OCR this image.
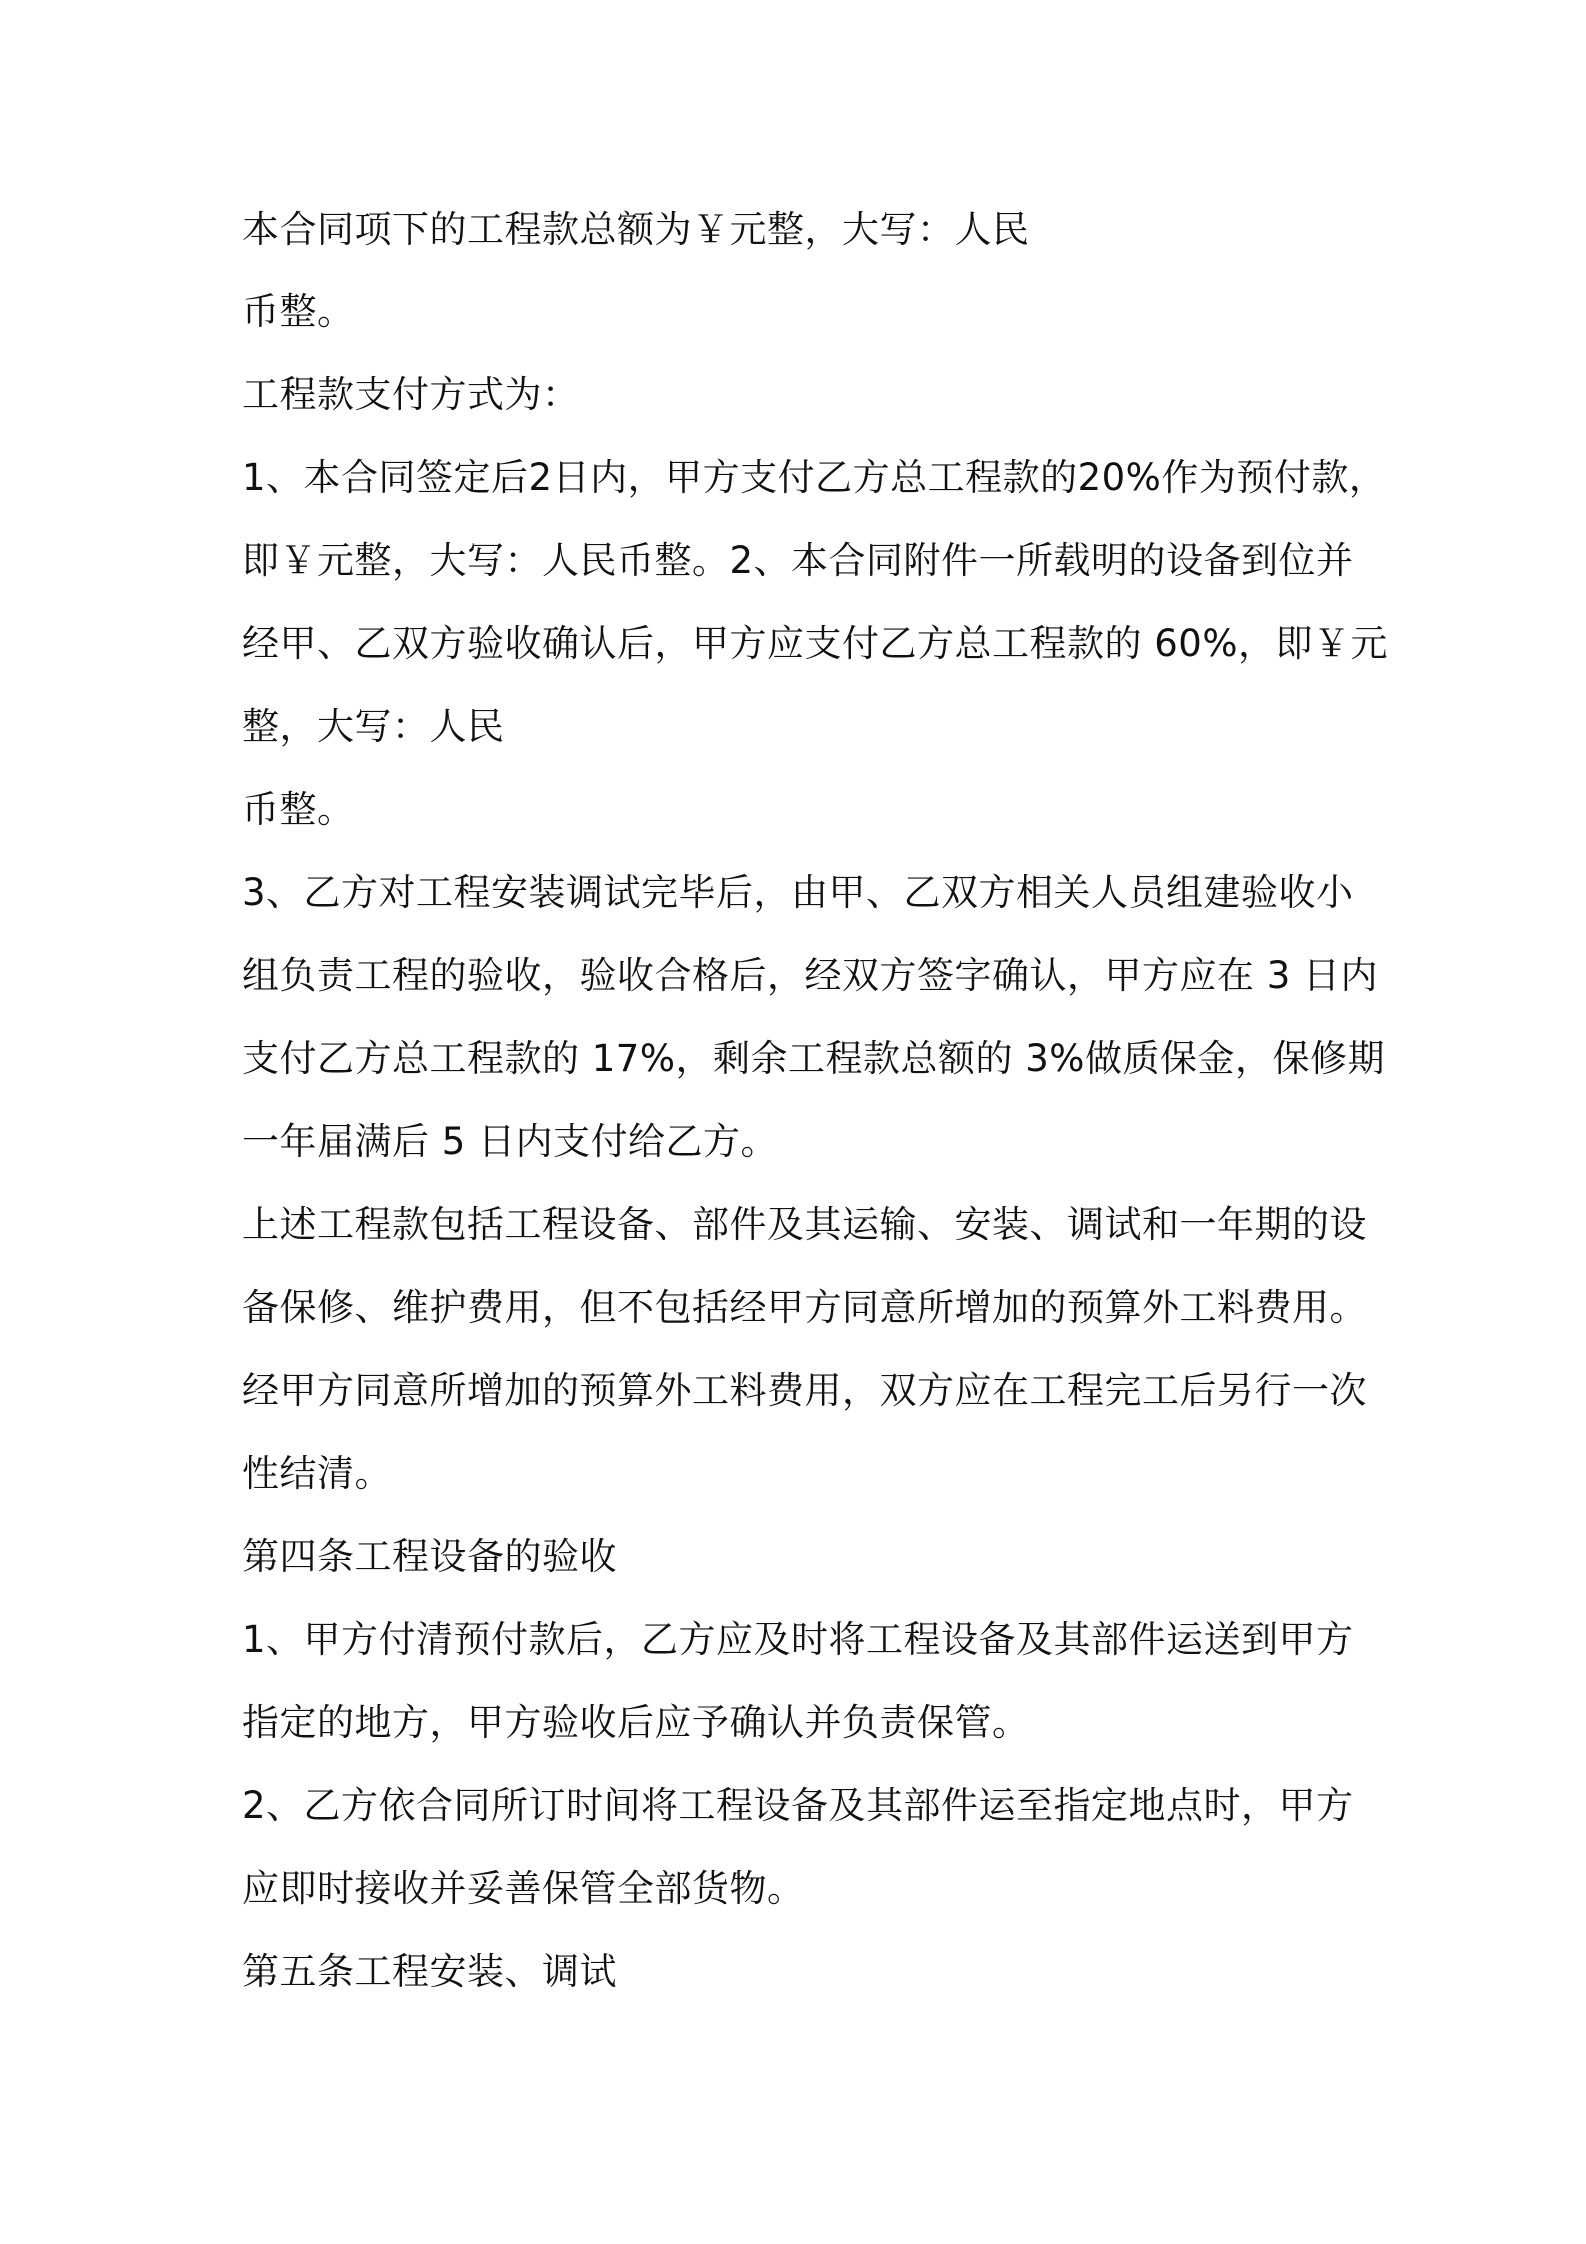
本合同项下的工程款总额为￥元整，大写：人民
币整。
工程款支付方式为：
1、本合同签定后2日内，甲方支付乙方总工程款的20%作为预付款，
即￥元整，大写：人民币整。2、本合同附件一所载明的设备到位并
经甲、乙双方验收确认后，甲方应支付乙方总工程款的 60%，即￥元
整，大写：人民
币整。
3、乙方对工程安装调试完毕后，由甲、乙双方相关人员组建验收小
组负责工程的验收，验收合格后，经双方签字确认，甲方应在 3 日内
支付乙方总工程款的 17%，剩余工程款总额的 3%做质保金，保修期
一年届满后 5 日内支付给乙方。
上述工程款包括工程设备、部件及其运输、安装、调试和一年期的设
备保修、维护费用，但不包括经甲方同意所增加的预算外工料费用。
经甲方同意所增加的预算外工料费用，双方应在工程完工后另行一次
性结清。
第四条工程设备的验收
1、甲方付清预付款后，乙方应及时将工程设备及其部件运送到甲方
指定的地方，甲方验收后应予确认并负责保管。
2、乙方依合同所订时间将工程设备及其部件运至指定地点时，甲方
应即时接收并妥善保管全部货物。
第五条工程安装、调试
